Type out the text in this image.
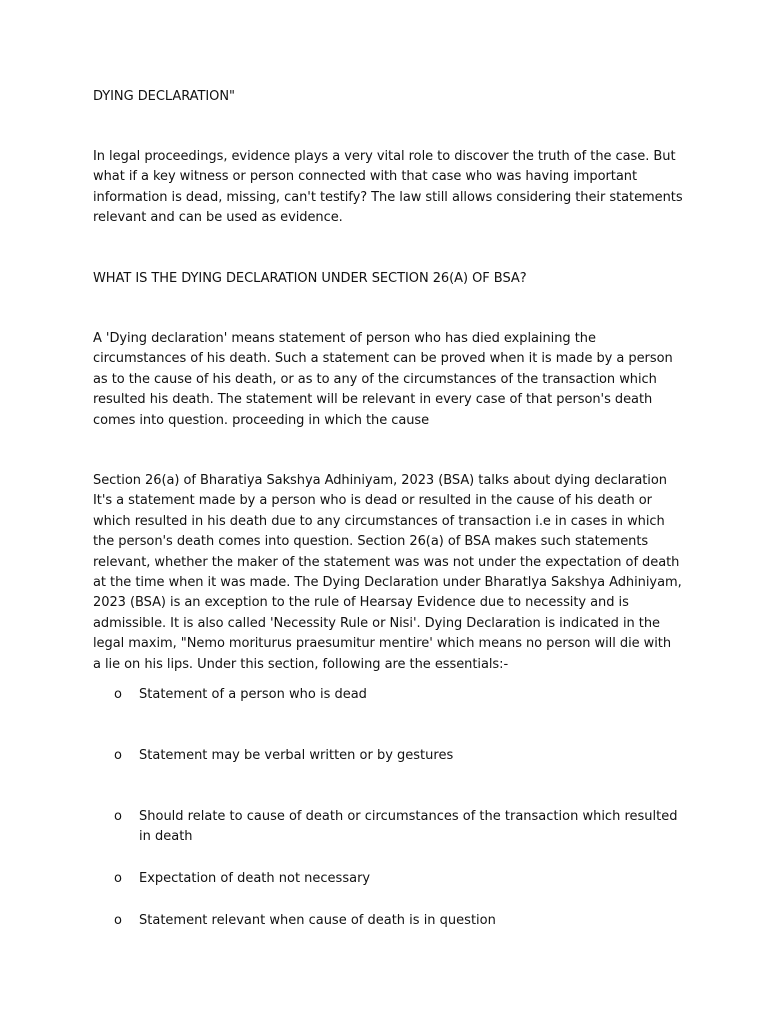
DYING DECLARATION"
In legal proceedings, evidence plays a very vital role to discover the truth of the case. But what if a key witness or person connected with that case who was having important information is dead, missing, can't testify? The law still allows considering their statements relevant and can be used as evidence.
WHAT IS THE DYING DECLARATION UNDER SECTION 26(A) OF BSA?
A 'Dying declaration' means statement of person who has died explaining the circumstances of his death. Such a statement can be proved when it is made by a person as to the cause of his death, or as to any of the circumstances of the transaction which resulted his death. The statement will be relevant in every case of that person's death comes into question. proceeding in which the cause
Section 26(a) of Bharatiya Sakshya Adhiniyam, 2023 (BSA) talks about dying declaration It's a statement made by a person who is dead or resulted in the cause of his death or which resulted in his death due to any circumstances of transaction i.e in cases in which the person's death comes into question. Section 26(a) of BSA makes such statements relevant, whether the maker of the statement was was not under the expectation of death at the time when it was made. The Dying Declaration under Bharatlya Sakshya Adhiniyam, 2023 (BSA) is an exception to the rule of Hearsay Evidence due to necessity and is admissible. It is also called 'Necessity Rule or Nisi'. Dying Declaration is indicated in the legal maxim, "Nemo moriturus praesumitur mentire' which means no person will die with a lie on his lips. Under this section, following are the essentials:-
o	Statement of a person who is dead
o	Statement may be verbal written or by gestures
o	Should relate to cause of death or circumstances of the transaction which resulted in death
o	Expectation of death not necessary
o	Statement relevant when cause of death is in question
